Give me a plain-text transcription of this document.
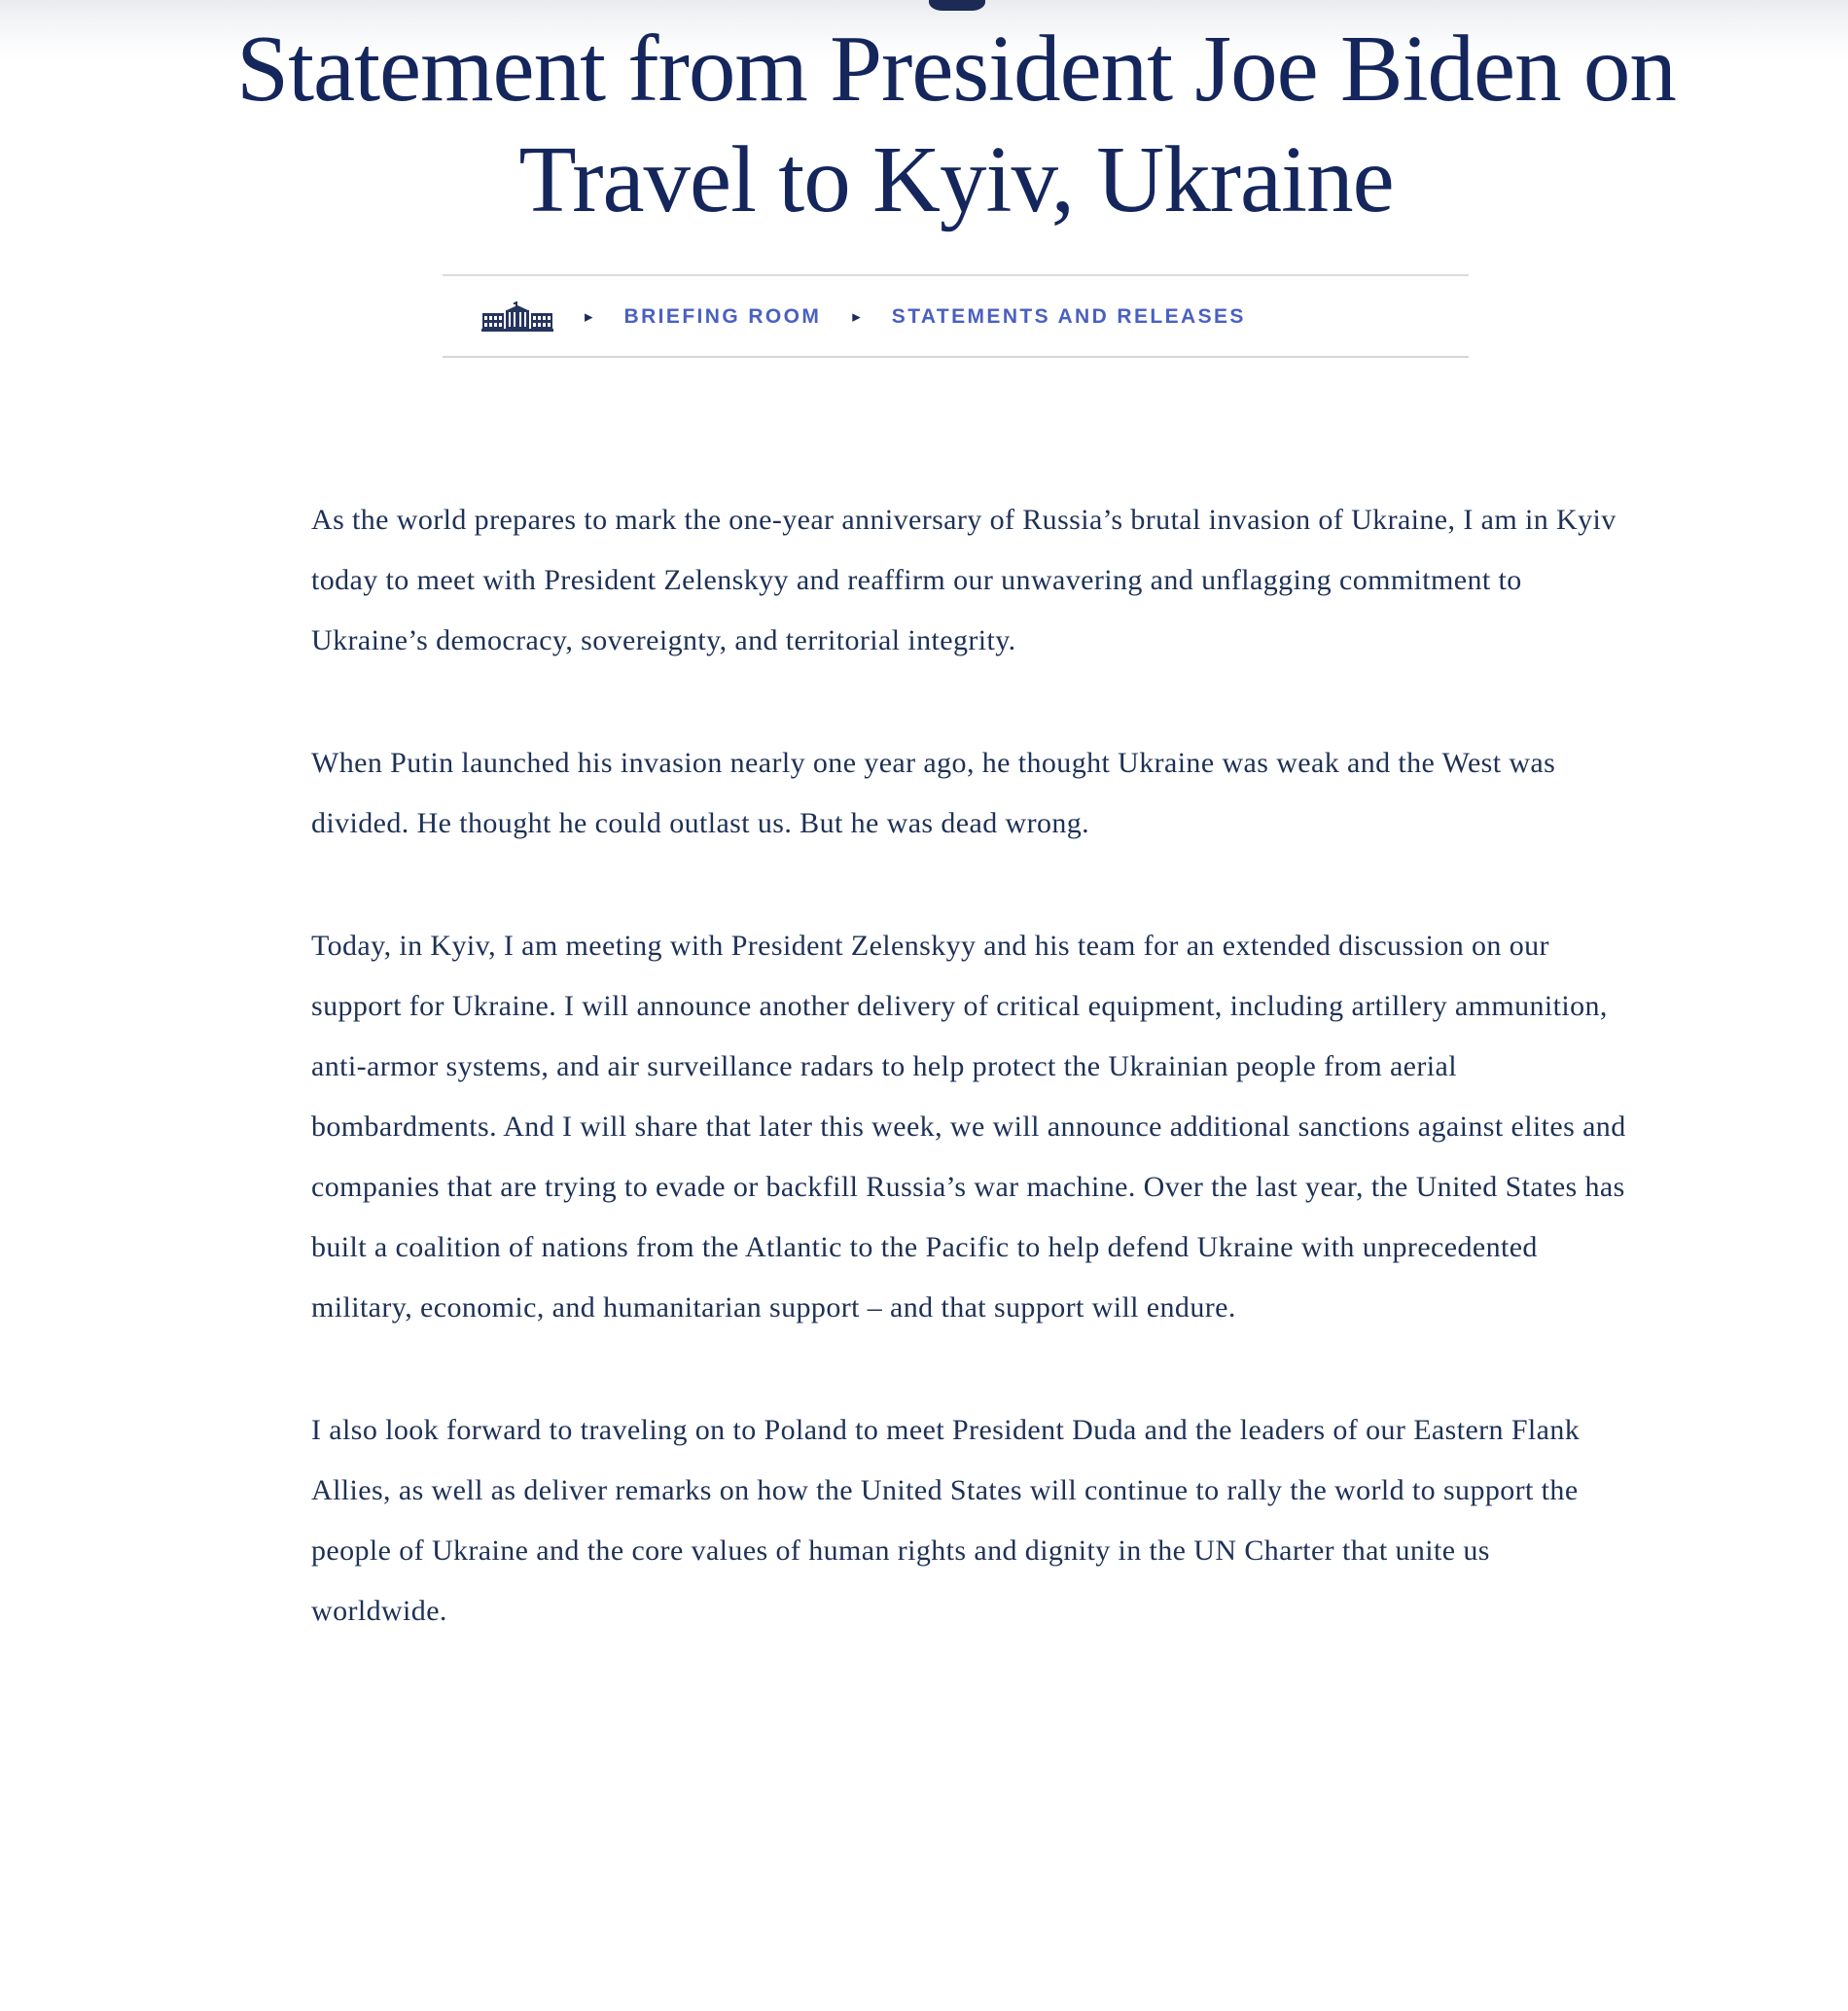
Statement from President Joe Biden on
Travel to Kyiv, Ukraine
▸ BRIEFING ROOM ▸ STATEMENTS AND RELEASES

As the world prepares to mark the one-year anniversary of Russia’s brutal invasion of Ukraine, I am in Kyiv today to meet with President Zelenskyy and reaffirm our unwavering and unflagging commitment to Ukraine’s democracy, sovereignty, and territorial integrity.

When Putin launched his invasion nearly one year ago, he thought Ukraine was weak and the West was divided. He thought he could outlast us. But he was dead wrong.

Today, in Kyiv, I am meeting with President Zelenskyy and his team for an extended discussion on our support for Ukraine. I will announce another delivery of critical equipment, including artillery ammunition, anti-armor systems, and air surveillance radars to help protect the Ukrainian people from aerial bombardments. And I will share that later this week, we will announce additional sanctions against elites and companies that are trying to evade or backfill Russia’s war machine. Over the last year, the United States has built a coalition of nations from the Atlantic to the Pacific to help defend Ukraine with unprecedented military, economic, and humanitarian support – and that support will endure.

I also look forward to traveling on to Poland to meet President Duda and the leaders of our Eastern Flank Allies, as well as deliver remarks on how the United States will continue to rally the world to support the people of Ukraine and the core values of human rights and dignity in the UN Charter that unite us worldwide.
